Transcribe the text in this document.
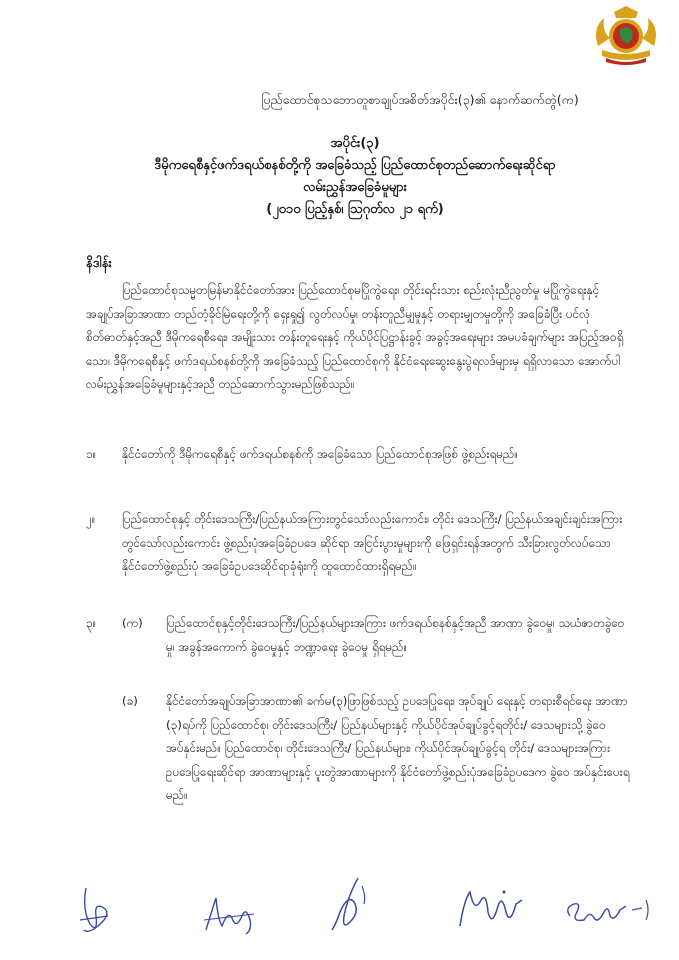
ပြည်ထောင်စုသဘောတူစာချုပ်အစိတ်အပိုင်း(၃)၏ နောက်ဆက်တွဲ(က)
အပိုင်း(၃)
ဒီမိုကရေစီနှင့်ဖက်ဒရယ်စနစ်တို့ကို အခြေခံသည့် ပြည်ထောင်စုတည်ဆောက်ရေးဆိုင်ရာ
လမ်းညွှန်အခြေခံမူများ
(၂၀၁၀ ပြည့်နှစ်၊ ဩဂုတ်လ ၂၁ ရက်)
နိဒါန်း
ပြည်ထောင်စုသမ္မတမြန်မာနိုင်ငံတော်အား ပြည်ထောင်စုမပြိုကွဲရေး၊ တိုင်းရင်းသား စည်းလုံးညီညွတ်မှု မပြိုကွဲရေးနှင့် အချုပ်အခြာအာဏာ တည်တံ့ခိုင်မြဲရေးတို့ကို ရှေးရှု၍ လွတ်လပ်မှု၊ တန်းတူညီမျှမှုနှင့် တရားမျှတမှုတို့ကို အခြေခံပြီး ပင်လုံစိတ်ဓာတ်နှင့်အညီ ဒီမိုကရေစီရေး၊ အမျိုးသား တန်းတူရေးနှင့် ကိုယ်ပိုင်ပြဋ္ဌာန်းခွင့် အခွင့်အရေးများ အမပခံချက်များ အပြည့်အဝရှိသော၊ ဒီမိုကရေစီနှင့် ဖက်ဒရယ်စနစ်တို့ကို အခြေခံသည့် ပြည်ထောင်စုကို နိုင်ငံရေးဆွေးနွေးပွဲရလဒ်များမှ ရရှိလာသော အောက်ပါ လမ်းညွှန်အခြေခံမူများနှင့်အညီ တည်ဆောက်သွားမည်ဖြစ်သည်။
၁။ နိုင်ငံတော်ကို ဒီမိုကရေစီနှင့် ဖက်ဒရယ်စနစ်ကို အခြေခံသော ပြည်ထောင်စုအဖြစ် ဖွဲ့စည်းရမည်။
၂။ ပြည်ထောင်စုနှင့် တိုင်းဒေသကြီး/ပြည်နယ်အကြားတွင်သော်လည်းကောင်း၊ တိုင်း ဒေသကြီး/ ပြည်နယ်အချင်းချင်းအကြားတွင်သော်လည်းကောင်း ဖွဲ့စည်းပုံအခြေခံဥပဒေ ဆိုင်ရာ အငြင်းပွားမှုများကို ဖြေရှင်းရန်အတွက် သီးခြားလွတ်လပ်သော နိုင်ငံတော်ဖွဲ့စည်းပုံ အခြေခံဥပဒေဆိုင်ရာခုံရုံးကို ထူထောင်ထားရှိရမည်။
၃။ (က) ပြည်ထောင်စုနှင့်တိုင်းဒေသကြီး/ပြည်နယ်များအကြား ဖက်ဒရယ်စနစ်နှင့်အညီ အာဏာ ခွဲဝေမှု၊ သယံဇာတခွဲဝေမှု၊ အခွန်အကောက် ခွဲဝေမှုနှင့် ဘဏ္ဍာရေး ခွဲဝေမှု ရှိရမည်။
(ခ) နိုင်ငံတော်အချုပ်အခြာအာဏာ၏ ခက်မ(၃)ဖြာဖြစ်သည့် ဥပဒေပြုရေး၊ အုပ်ချုပ် ရေးနှင့် တရားစီရင်ရေး အာဏာ (၃)ရပ်ကို ပြည်ထောင်စု၊ တိုင်းဒေသကြီး/ ပြည်နယ်များနှင့် ကိုယ်ပိုင်အုပ်ချုပ်ခွင့်ရတိုင်း/ ဒေသများသို့ ခွဲဝေအပ်နှင်းမည်။ ပြည်ထောင်စု၊ တိုင်းဒေသကြီး/ ပြည်နယ်များ၊ ကိုယ်ပိုင်အုပ်ချုပ်ခွင့်ရ တိုင်း/ ဒေသများအကြား ဥပဒေပြုရေးဆိုင်ရာ အာဏာများနှင့် ပူးတွဲအာဏာများကို နိုင်ငံတော်ဖွဲ့စည်းပုံအခြေခံဥပဒေက ခွဲဝေ အပ်နှင်းပေးရမည်။
